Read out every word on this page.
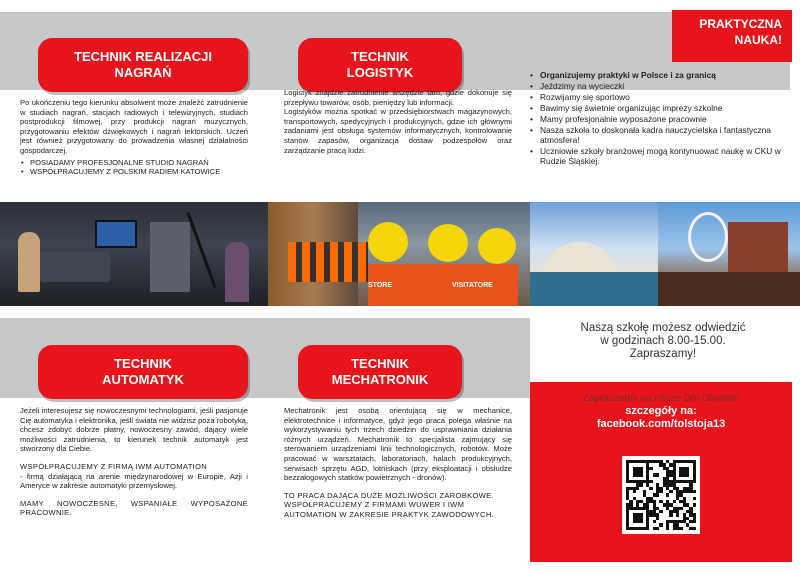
PRAKTYCZNA
NAUKA!
TECHNIK REALIZACJI
NAGRAŃ
TECHNIK
LOGISTYK

Po ukończeniu tego kierunku absolwent może znaleźć zatrudnienie w studiach nagrań, stacjach radiowych i telewizyjnych, studiach postprodukcji filmowej, przy produkcji nagrań muzycznych, przygotowaniu efektów dźwiękowych i nagrań lektorskich. Uczeń jest również przygotowany do prowadzenia własnej działalności gospodarczej.

• POSIADAMY PROFESJONALNE STUDIO NAGRAŃ
• WSPÓŁPRACUJEMY Z POLSKIM RADIEM KATOWICE

Logistyk znajdzie zatrudnienie wszędzie tam, gdzie dokonuje się przepływu towarów, osób, pieniędzy lub informacji.

Logistyków można spotkać w przedsiębiorstwach magazynowych, transportowych, spedycyjnych i produkcyjnych, gdzie ich głównymi zadaniami jest obsługa systemów informatycznych, kontrolowanie stanów zapasów, organizacja dostaw podzespołów oraz zarządzanie pracą ludzi.

• Organizujemy praktyki w Polsce i za granicą
• Jeździmy na wycieczki
• Rozwijamy się sportowo
• Bawimy się świetnie organizując imprezy szkolne
• Mamy profesjonalnie wyposażone pracownie
• Nasza szkoła to doskonała kadra nauczycielska i fantastyczna atmosfera!
• Uczniowie szkoły branżowej mogą kontynuować naukę w CKU w Rudzie Śląskiej.
STORE	VISITATORE
TECHNIK
AUTOMATYK
TECHNIK
MECHATRONIK

Jeżeli interesujesz się nowoczesnymi technologiami, jeśli pasjonuje Cię automatyka i elektronika, jeśli świata nie widzisz poza robotyką, chcesz zdobyć dobrze płatny, nowoczesny zawód, dający wiele możliwości zatrudnienia, to kierunek technik automatyk jest stworzony dla Ciebie.

WSPÓŁPRACUJEMY Z FIRMĄ IWM AUTOMATION

- firmą działającą na arenie międzynarodowej w Europie, Azji i Ameryce w zakresie automatyki przemysłowej.

MAMY NOWOCZESNE, WSPANIAŁE WYPOSAŻONE PRACOWNIE.

Mechatronik jest osobą orientującą się w mechanice, elektrotechnice i informatyce, gdyż jego praca polega właśnie na wykorzystywaniu tych trzech dziedzin do usprawniania działania różnych urządzeń. Mechatronik to specjalista zajmujący się sterowaniem urządzeniami linii technologicznych, robotów. Może pracować w warsztatach, laboratoriach, halach produkcyjnych, serwisach sprzętu AGD, lotniskach (przy eksploatacji i obsłudze bezzałogowych statków powietrznych - dronów).

TO PRACA DAJĄCA DUŻE MOŻLIWOŚCI ZAROBKOWE. WSPÓŁPRACUJEMY Z FIRMAMI WUWER I IWM AUTOMATION W ZAKRESIE PRAKTYK ZAWODOWYCH.

Naszą szkołę możesz odwiedzić
w godzinach 8.00-15.00.
Zapraszamy!
Zapraszamy na nasze Dni Otwarte!
szczegóły na:
facebook.com/tolstoja13
